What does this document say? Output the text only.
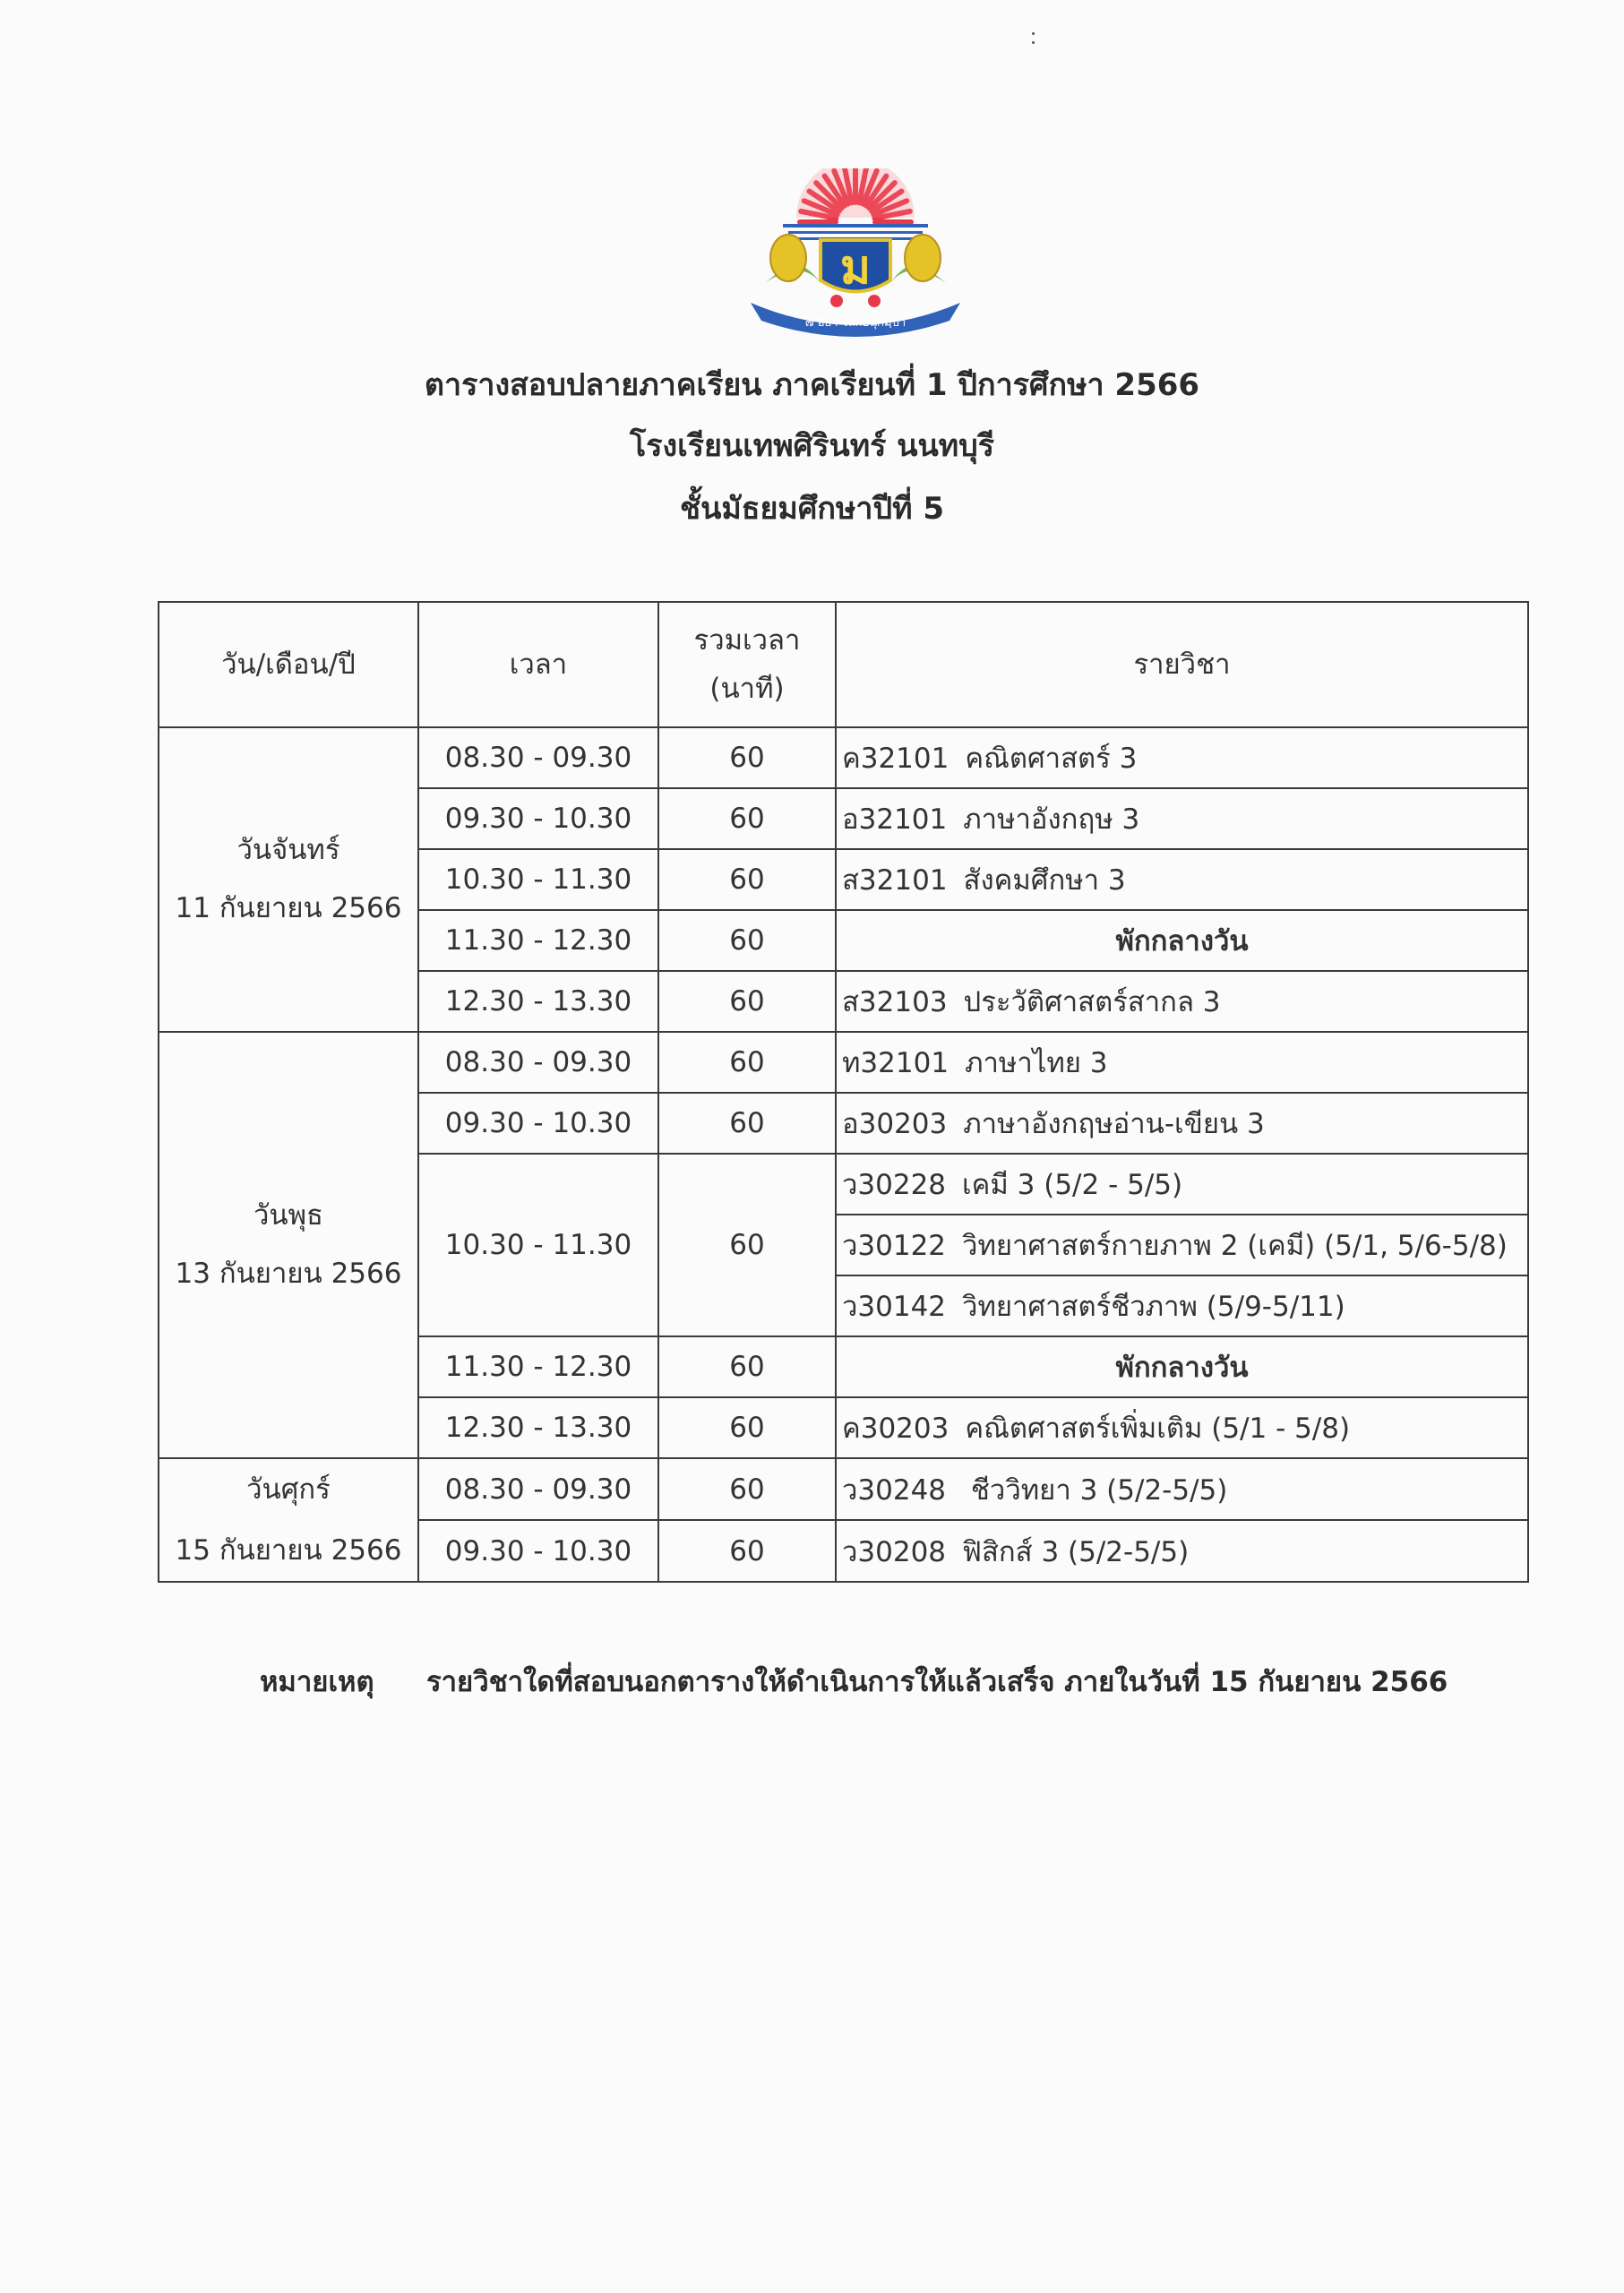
ม
๗ อิยา โลกอนุกมฺปา
ตารางสอบปลายภาคเรียน ภาคเรียนที่ 1 ปีการศึกษา 2566
โรงเรียนเทพศิรินทร์ นนทบุรี
ชั้นมัธยมศึกษาปีที่ 5
วัน/เดือน/ปี	เวลา	รวมเวลา
(นาที)	รายวิชา
วันจันทร์
11 กันยายน 2566	08.30 - 09.30	60	ค32101 คณิตศาสตร์ 3
	09.30 - 10.30	60	อ32101 ภาษาอังกฤษ 3
	10.30 - 11.30	60	ส32101 สังคมศึกษา 3
	11.30 - 12.30	60	พักกลางวัน
	12.30 - 13.30	60	ส32103 ประวัติศาสตร์สากล 3
วันพุธ
13 กันยายน 2566	08.30 - 09.30	60	ท32101 ภาษาไทย 3
	09.30 - 10.30	60	อ30203 ภาษาอังกฤษอ่าน-เขียน 3
	10.30 - 11.30	60	ว30228 เคมี 3 (5/2 - 5/5)
			ว30122 วิทยาศาสตร์กายภาพ 2 (เคมี) (5/1, 5/6-5/8)
			ว30142 วิทยาศาสตร์ชีวภาพ (5/9-5/11)
	11.30 - 12.30	60	พักกลางวัน
	12.30 - 13.30	60	ค30203 คณิตศาสตร์เพิ่มเติม (5/1 - 5/8)
วันศุกร์
15 กันยายน 2566	08.30 - 09.30	60	ว30248 ชีววิทยา 3 (5/2-5/5)
	09.30 - 10.30	60	ว30208 ฟิสิกส์ 3 (5/2-5/5)
หมายเหตุ รายวิชาใดที่สอบนอกตารางให้ดำเนินการให้แล้วเสร็จ ภายในวันที่ 15 กันยายน 2566
